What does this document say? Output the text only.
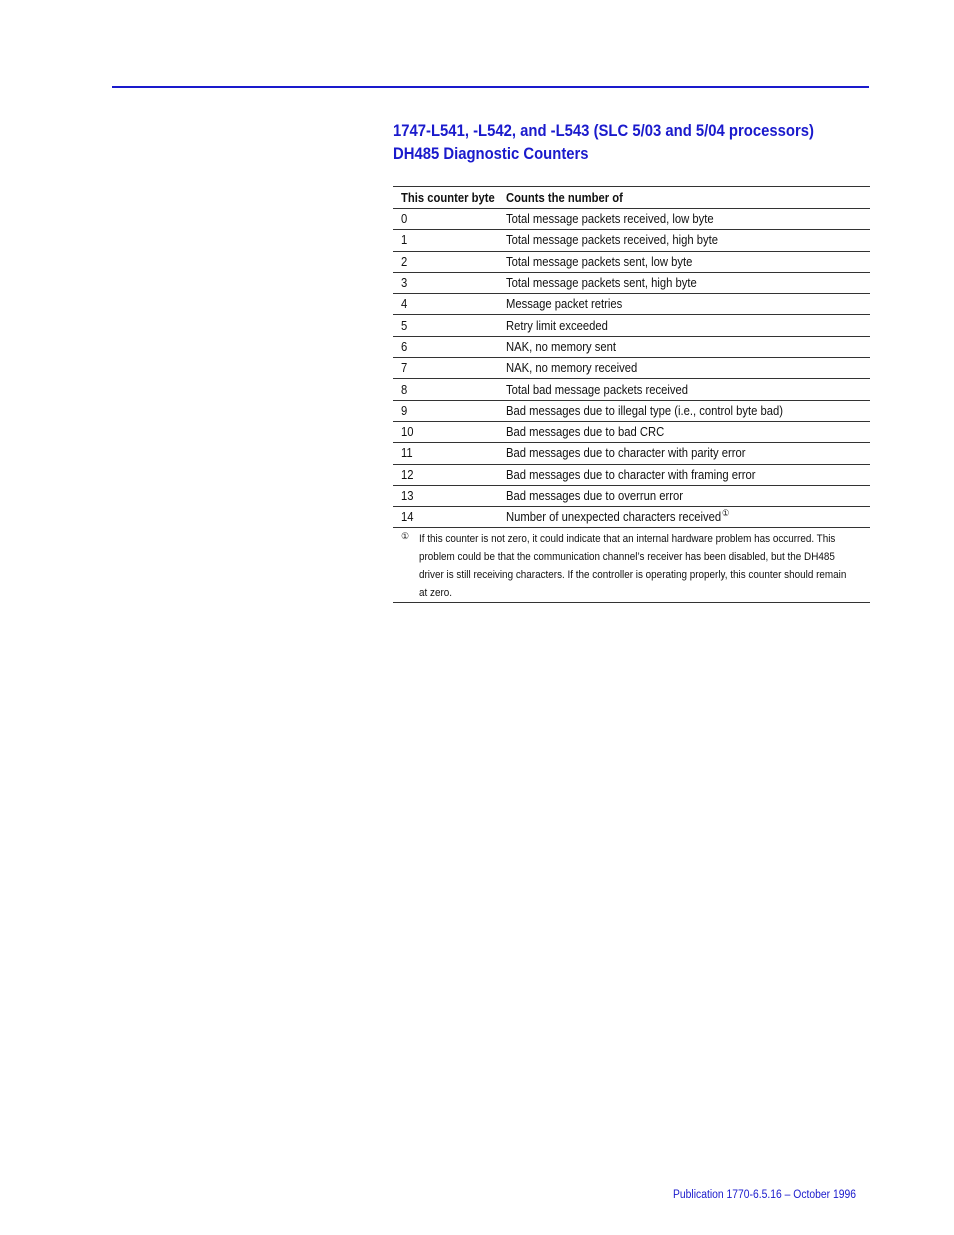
1747-L541, -L542, and -L543 (SLC 5/03 and 5/04 processors)
DH485 Diagnostic Counters
This counter byte	Counts the number of
0	Total message packets received, low byte
1	Total message packets received, high byte
2	Total message packets sent, low byte
3	Total message packets sent, high byte
4	Message packet retries
5	Retry limit exceeded
6	NAK, no memory sent
7	NAK, no memory received
8	Total bad message packets received
9	Bad messages due to illegal type (i.e., control byte bad)
10	Bad messages due to bad CRC
11	Bad messages due to character with parity error
12	Bad messages due to character with framing error
13	Bad messages due to overrun error
14	Number of unexpected characters received①
① If this counter is not zero, it could indicate that an internal hardware problem has occurred. This
problem could be that the communication channel’s receiver has been disabled, but the DH485
driver is still receiving characters. If the controller is operating properly, this counter should remain
at zero.
Publication 1770-6.5.16 – October 1996
